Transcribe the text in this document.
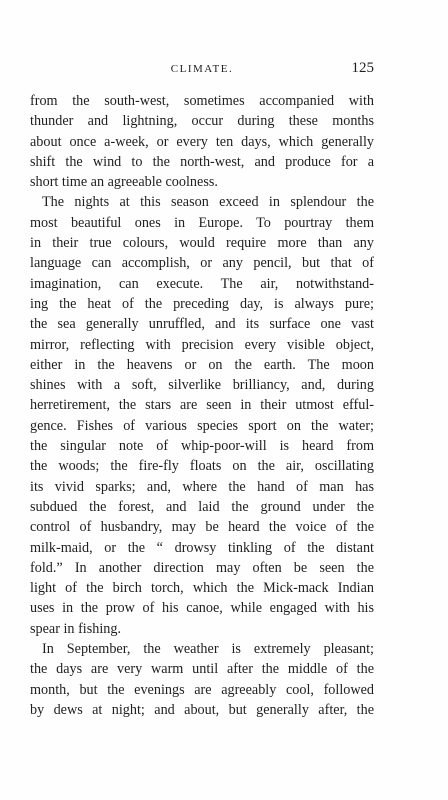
CLIMATE.	125
from the south-west, sometimes accompanied with
thunder and lightning, occur during these months
about once a-week, or every ten days, which generally
shift the wind to the north-west, and produce for a
short time an agreeable coolness.
The nights at this season exceed in splendour the
most beautiful ones in Europe. To pourtray them
in their true colours, would require more than any
language can accomplish, or any pencil, but that of
imagination, can execute. The air, notwithstand-
ing the heat of the preceding day, is always pure;
the sea generally unruffled, and its surface one vast
mirror, reflecting with precision every visible object,
either in the heavens or on the earth. The moon
shines with a soft, silverlike brilliancy, and, during
herretirement, the stars are seen in their utmost efful-
gence. Fishes of various species sport on the water;
the singular note of whip-poor-will is heard from
the woods; the fire-fly floats on the air, oscillating
its vivid sparks; and, where the hand of man has
subdued the forest, and laid the ground under the
control of husbandry, may be heard the voice of the
milk-maid, or the “ drowsy tinkling of the distant
fold.” In another direction may often be seen the
light of the birch torch, which the Mick-mack Indian
uses in the prow of his canoe, while engaged with his
spear in fishing.
In September, the weather is extremely pleasant;
the days are very warm until after the middle of the
month, but the evenings are agreeably cool, followed
by dews at night; and about, but generally after, the
